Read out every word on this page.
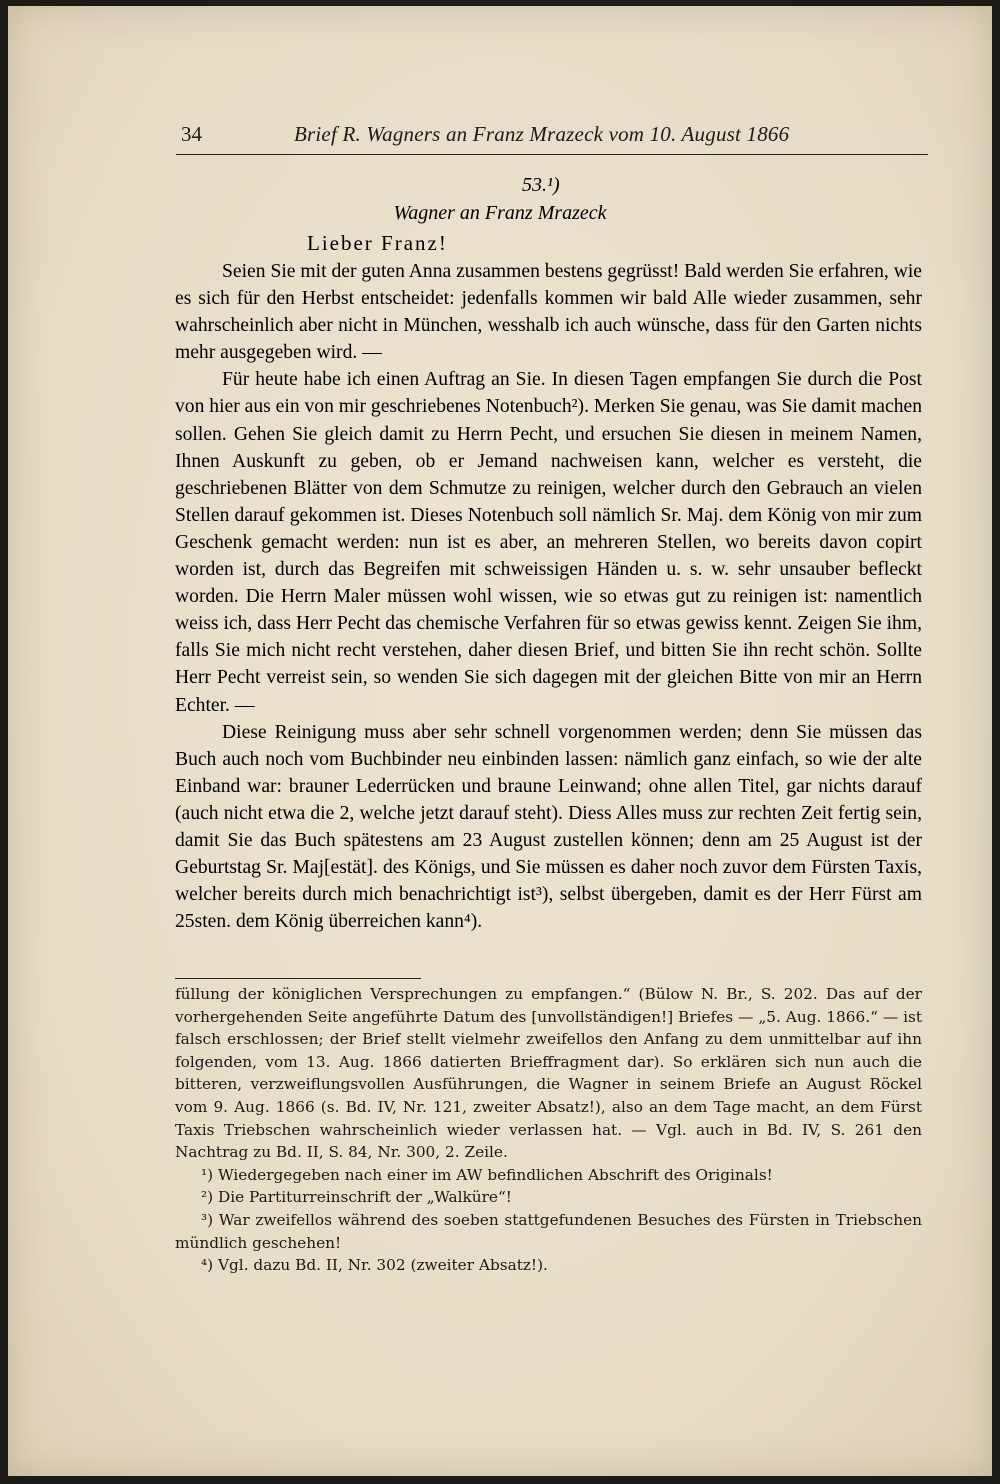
34	Brief R. Wagners an Franz Mrazeck vom 10. August 1866
53.¹)
Wagner an Franz Mrazeck
Lieber Franz!

Seien Sie mit der guten Anna zusammen bestens gegrüsst! Bald werden Sie erfahren, wie es sich für den Herbst entscheidet: jedenfalls kommen wir bald Alle wieder zusammen, sehr wahrscheinlich aber nicht in München, wesshalb ich auch wünsche, dass für den Garten nichts mehr ausgegeben wird. —

Für heute habe ich einen Auftrag an Sie. In diesen Tagen empfangen Sie durch die Post von hier aus ein von mir geschriebenes Notenbuch²). Merken Sie genau, was Sie damit machen sollen. Gehen Sie gleich damit zu Herrn Pecht, und ersuchen Sie diesen in meinem Namen, Ihnen Auskunft zu geben, ob er Jemand nachweisen kann, welcher es versteht, die geschriebenen Blätter von dem Schmutze zu reinigen, welcher durch den Gebrauch an vielen Stellen darauf gekommen ist. Dieses Notenbuch soll nämlich Sr. Maj. dem König von mir zum Geschenk gemacht werden: nun ist es aber, an mehreren Stellen, wo bereits davon copirt worden ist, durch das Begreifen mit schweissigen Händen u. s. w. sehr unsauber befleckt worden. Die Herrn Maler müssen wohl wissen, wie so etwas gut zu reinigen ist: namentlich weiss ich, dass Herr Pecht das chemische Verfahren für so etwas gewiss kennt. Zeigen Sie ihm, falls Sie mich nicht recht verstehen, daher diesen Brief, und bitten Sie ihn recht schön. Sollte Herr Pecht verreist sein, so wenden Sie sich dagegen mit der gleichen Bitte von mir an Herrn Echter. —

Diese Reinigung muss aber sehr schnell vorgenommen werden; denn Sie müssen das Buch auch noch vom Buchbinder neu einbinden lassen: nämlich ganz einfach, so wie der alte Einband war: brauner Lederrücken und braune Leinwand; ohne allen Titel, gar nichts darauf (auch nicht etwa die 2, welche jetzt darauf steht). Diess Alles muss zur rechten Zeit fertig sein, damit Sie das Buch spätestens am 23 August zustellen können; denn am 25 August ist der Geburtstag Sr. Maj[estät]. des Königs, und Sie müssen es daher noch zuvor dem Fürsten Taxis, welcher bereits durch mich benachrichtigt ist³), selbst übergeben, damit es der Herr Fürst am 25sten. dem König überreichen kann⁴).

füllung der königlichen Versprechungen zu empfangen.“ (Bülow N. Br., S. 202. Das auf der vorhergehenden Seite angeführte Datum des [unvollständigen!] Briefes — „5. Aug. 1866.“ — ist falsch erschlossen; der Brief stellt vielmehr zweifellos den Anfang zu dem unmittelbar auf ihn folgenden, vom 13. Aug. 1866 datierten Brieffragment dar). So erklären sich nun auch die bitteren, verzweiflungsvollen Ausführungen, die Wagner in seinem Briefe an August Röckel vom 9. Aug. 1866 (s. Bd. IV, Nr. 121, zweiter Absatz!), also an dem Tage macht, an dem Fürst Taxis Triebschen wahrscheinlich wieder verlassen hat. — Vgl. auch in Bd. IV, S. 261 den Nachtrag zu Bd. II, S. 84, Nr. 300, 2. Zeile.

¹) Wiedergegeben nach einer im AW befindlichen Abschrift des Originals!

²) Die Partiturreinschrift der „Walküre“!

³) War zweifellos während des soeben stattgefundenen Besuches des Fürsten in Triebschen mündlich geschehen!

⁴) Vgl. dazu Bd. II, Nr. 302 (zweiter Absatz!).
